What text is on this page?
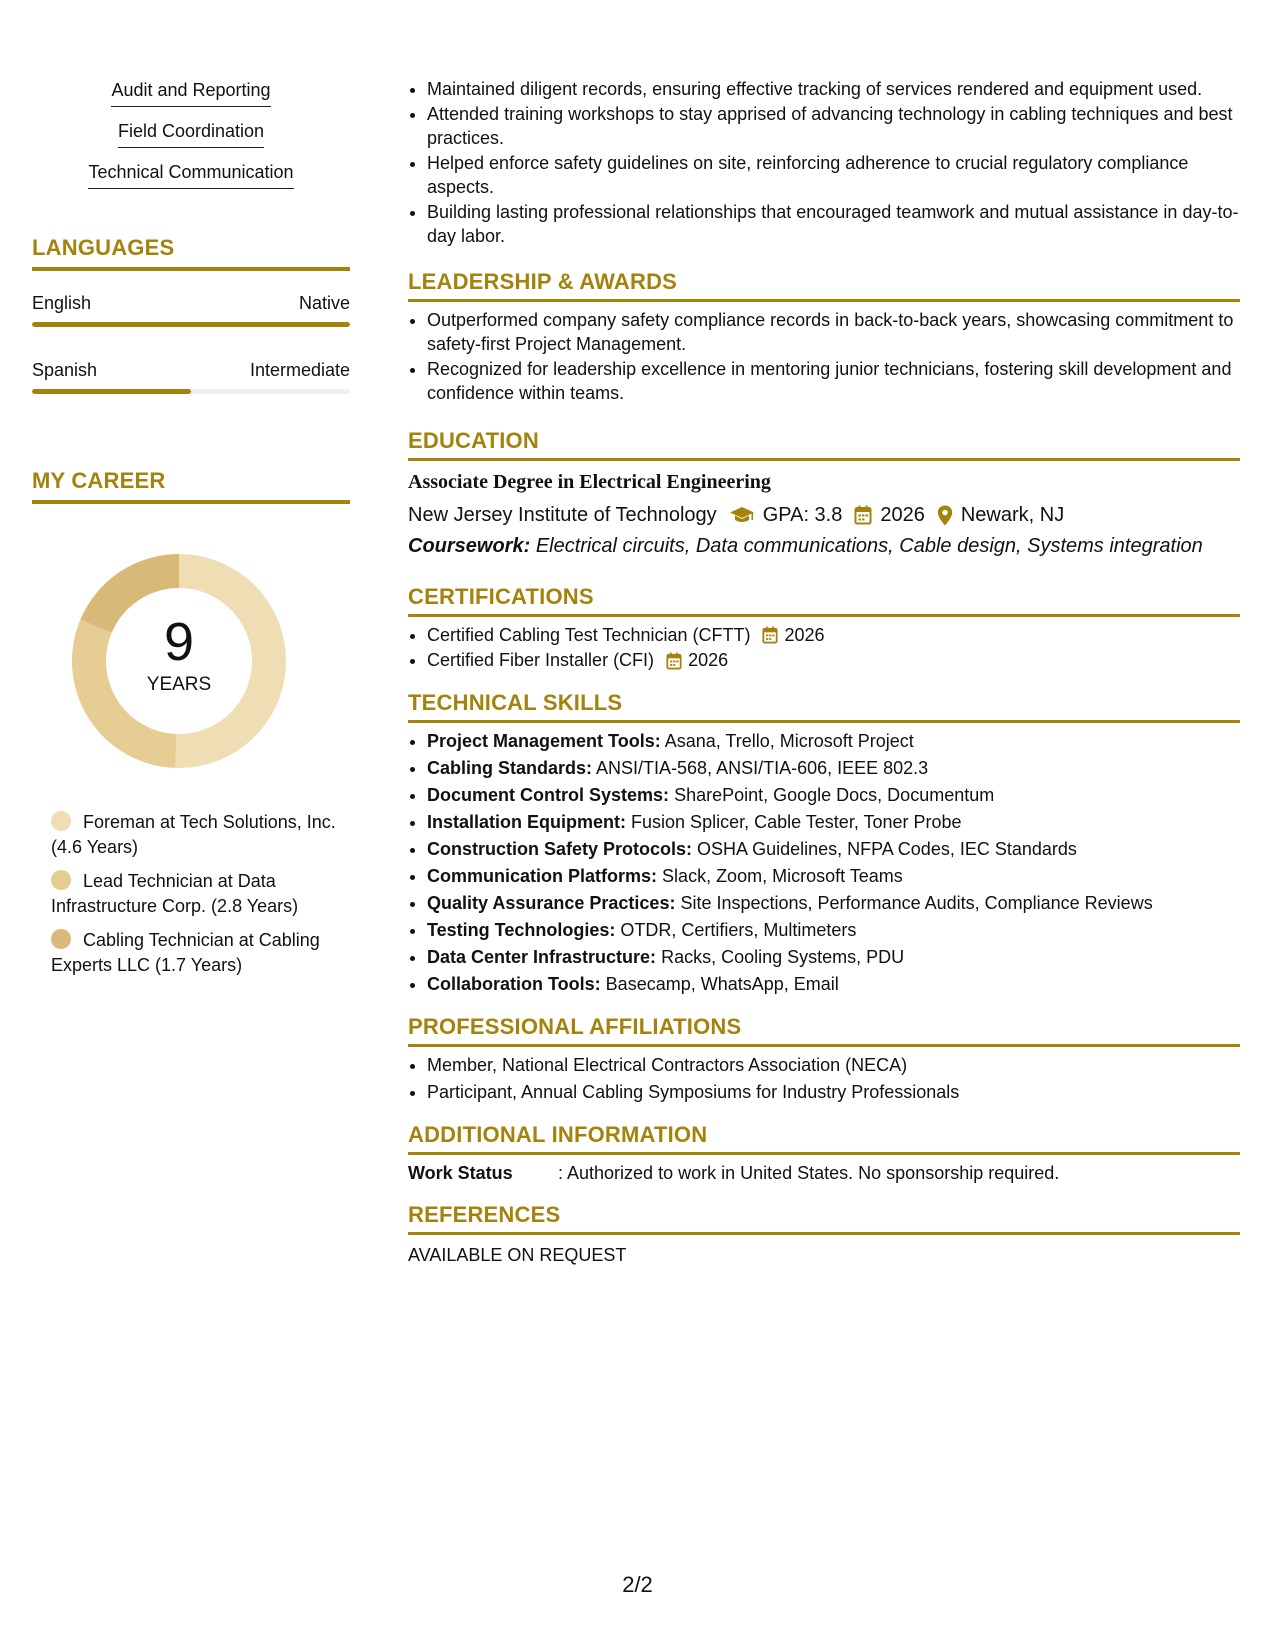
Audit and Reporting
Field Coordination
Technical Communication
LANGUAGES
English	Native
Spanish	Intermediate
MY CAREER
9
YEARS
Foreman at Tech Solutions, Inc. (4.6 Years)
Lead Technician at Data Infrastructure Corp. (2.8 Years)
Cabling Technician at Cabling Experts LLC (1.7 Years)
• Maintained diligent records, ensuring effective tracking of services rendered and equipment used.
• Attended training workshops to stay apprised of advancing technology in cabling techniques and best practices.
• Helped enforce safety guidelines on site, reinforcing adherence to crucial regulatory compliance aspects.
• Building lasting professional relationships that encouraged teamwork and mutual assistance in day-to-day labor.
LEADERSHIP & AWARDS
• Outperformed company safety compliance records in back-to-back years, showcasing commitment to safety-first Project Management.
• Recognized for leadership excellence in mentoring junior technicians, fostering skill development and confidence within teams.
EDUCATION
Associate Degree in Electrical Engineering
New Jersey Institute of Technology GPA: 3.8 2026 Newark, NJ
Coursework: Electrical circuits, Data communications, Cable design, Systems integration
CERTIFICATIONS
• Certified Cabling Test Technician (CFTT) 2026
• Certified Fiber Installer (CFI) 2026
TECHNICAL SKILLS
• Project Management Tools: Asana, Trello, Microsoft Project
• Cabling Standards: ANSI/TIA-568, ANSI/TIA-606, IEEE 802.3
• Document Control Systems: SharePoint, Google Docs, Documentum
• Installation Equipment: Fusion Splicer, Cable Tester, Toner Probe
• Construction Safety Protocols: OSHA Guidelines, NFPA Codes, IEC Standards
• Communication Platforms: Slack, Zoom, Microsoft Teams
• Quality Assurance Practices: Site Inspections, Performance Audits, Compliance Reviews
• Testing Technologies: OTDR, Certifiers, Multimeters
• Data Center Infrastructure: Racks, Cooling Systems, PDU
• Collaboration Tools: Basecamp, WhatsApp, Email
PROFESSIONAL AFFILIATIONS
• Member, National Electrical Contractors Association (NECA)
• Participant, Annual Cabling Symposiums for Industry Professionals
ADDITIONAL INFORMATION
Work Status	: Authorized to work in United States. No sponsorship required.
REFERENCES
AVAILABLE ON REQUEST
2/2
